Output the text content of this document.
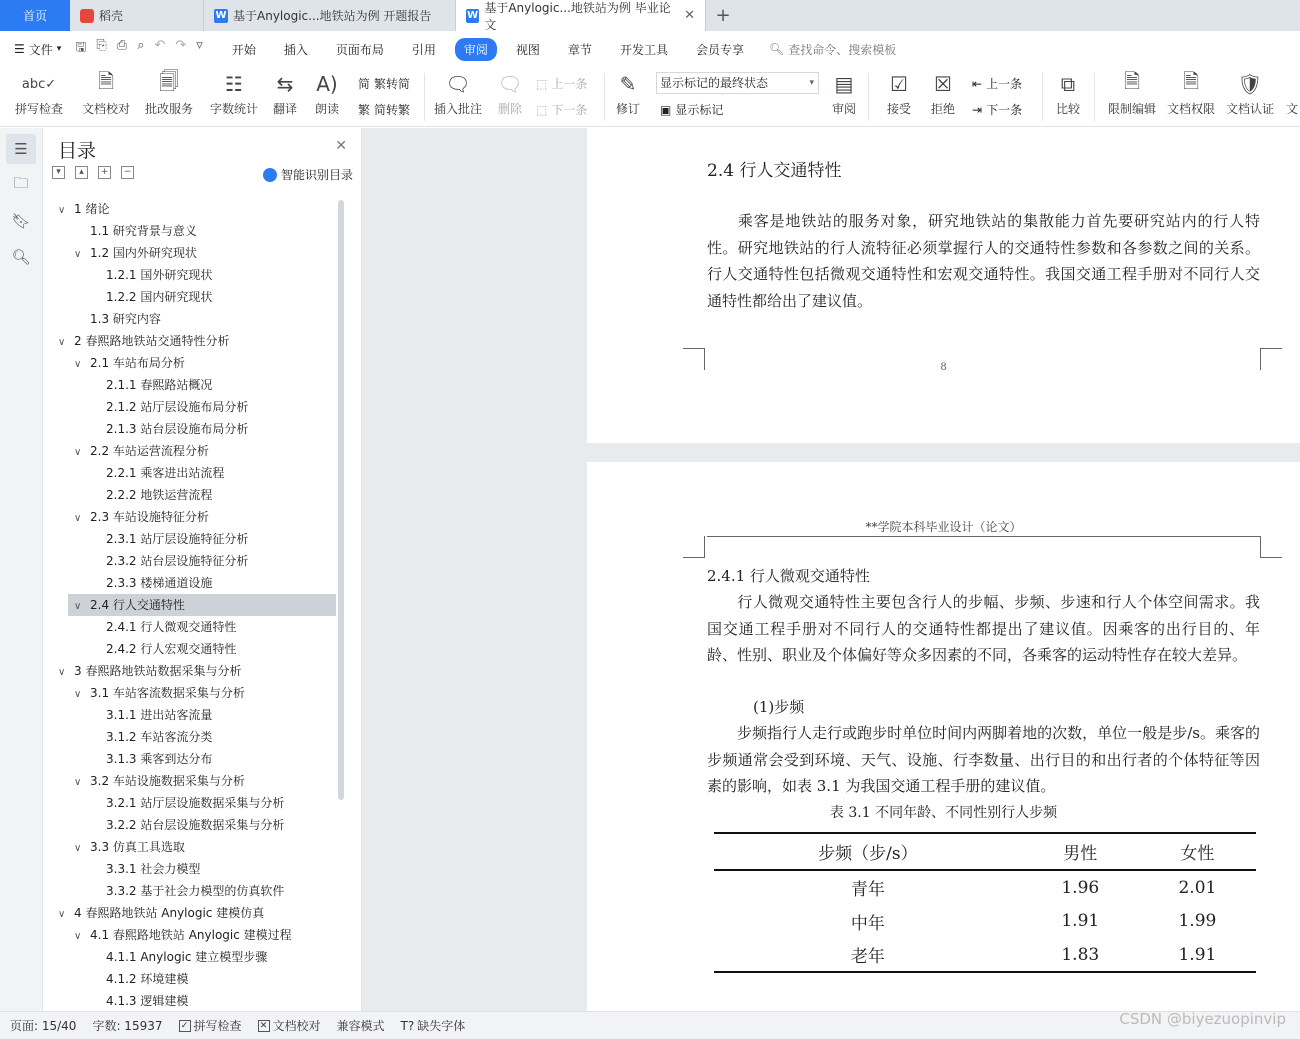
首页	稻壳	W 基于Anylogic...地铁站为例 开题报告	W
基于Anylogic...地铁站为例 毕业论文
✕	+
☰ 文件 ▾ 🖫 ⎘ ⎙ ⌕ ↶ ↷ ▿	开始	插入	页面布局	引用	审阅	视图	章节	开发工具	会员专享	🔍︎ 查找命令、搜索模板
abc✓
拼写检查
🗎
文档校对
🗐
批改服务
☷
字数统计
⇆
翻译
A)
朗读
简 繁转简
繁 简转繁
🗨
插入批注
🗨
删除
⬚ 上一条
⬚ 下一条
✎
修订
显示标记的最终状态	▾
▣ 显示标记
▤
审阅
☑
接受
☒
拒绝
⇤ 上一条
⇥ 下一条
⧉
比较
🗎
限制编辑
🗎
文档权限
🛡
文档认证 文
☰
🗀
🔖︎
🔍︎
目录	✕
▾	▴	+	−	智能识别目录
∨ 1 绪论
1.1 研究背景与意义
∨ 1.2 国内外研究现状
1.2.1 国外研究现状
1.2.2 国内研究现状
1.3 研究内容
∨ 2 春熙路地铁站交通特性分析
∨ 2.1 车站布局分析
2.1.1 春熙路站概况
2.1.2 站厅层设施布局分析
2.1.3 站台层设施布局分析
∨ 2.2 车站运营流程分析
2.2.1 乘客进出站流程
2.2.2 地铁运营流程
∨ 2.3 车站设施特征分析
2.3.1 站厅层设施特征分析
2.3.2 站台层设施特征分析
2.3.3 楼梯通道设施
∨ 2.4 行人交通特性
2.4.1 行人微观交通特性
2.4.2 行人宏观交通特性
∨ 3 春熙路地铁站数据采集与分析
∨ 3.1 车站客流数据采集与分析
3.1.1 进出站客流量
3.1.2 车站客流分类
3.1.3 乘客到达分布
∨ 3.2 车站设施数据采集与分析
3.2.1 站厅层设施数据采集与分析
3.2.2 站台层设施数据采集与分析
∨ 3.3 仿真工具选取
3.3.1 社会力模型
3.3.2 基于社会力模型的仿真软件
∨ 4 春熙路地铁站 Anylogic 建模仿真
∨ 4.1 春熙路地铁站 Anylogic 建模过程
4.1.1 Anylogic 建立模型步骤
4.1.2 环境建模
4.1.3 逻辑建模
2.4 行人交通特性
乘客是地铁站的服务对象，研究地铁站的集散能力首先要研究站内的行人特性。研究地铁站的行人流特征必须掌握行人的交通特性参数和各参数之间的关系。行人交通特性包括微观交通特性和宏观交通特性。我国交通工程手册对不同行人交通特性都给出了建议值。
8
**学院本科毕业设计（论文）
2.4.1 行人微观交通特性
行人微观交通特性主要包含行人的步幅、步频、步速和行人个体空间需求。我国交通工程手册对不同行人的交通特性都提出了建议值。因乘客的出行目的、年龄、性别、职业及个体偏好等众多因素的不同，各乘客的运动特性存在较大差异。
(1)步频
步频指行人走行或跑步时单位时间内两脚着地的次数，单位一般是步/s。乘客的步频通常会受到环境、天气、设施、行李数量、出行目的和出行者的个体特征等因素的影响，如表 3.1 为我国交通工程手册的建议值。
表 3.1 不同年龄、不同性别行人步频
步频（步/s）	男性	女性
青年	1.96	2.01
中年	1.91	1.99
老年	1.83	1.91
页面: 15/40 字数: 15937 ✓ 拼写检查 ✕ 文档校对 兼容模式 T? 缺失字体	CSDN @biyezuopinvip
